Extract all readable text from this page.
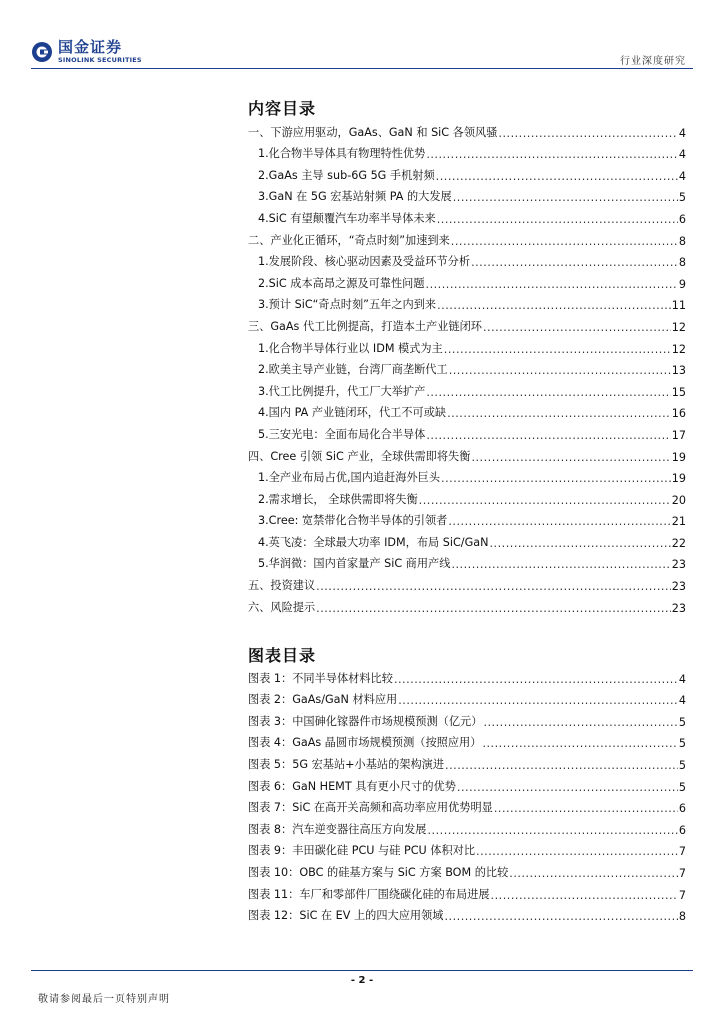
国金证券
SINOLINK SECURITIES	行业深度研究
内容目录
一、下游应用驱动，GaAs、GaN 和 SiC 各领风骚 .....	4
1.化合物半导体具有物理特性优势 .....	4
2.GaAs 主导 sub-6G 5G 手机射频 .....	4
3.GaN 在 5G 宏基站射频 PA 的大发展 .....	5
4.SiC 有望颠覆汽车功率半导体未来 .....	6
二、产业化正循环，“奇点时刻”加速到来 .....	8
1.发展阶段、核心驱动因素及受益环节分析 .....	8
2.SiC 成本高昂之源及可靠性问题 .....	9
3.预计 SiC“奇点时刻”五年之内到来 .....	11
三、GaAs 代工比例提高，打造本土产业链闭环 .....	12
1.化合物半导体行业以 IDM 模式为主 .....	12
2.欧美主导产业链，台湾厂商垄断代工 .....	13
3.代工比例提升，代工厂大举扩产 .....	15
4.国内 PA 产业链闭环，代工不可或缺 .....	16
5.三安光电：全面布局化合半导体 .....	17
四、Cree 引领 SiC 产业，全球供需即将失衡 .....	19
1.全产业布局占优,国内追赶海外巨头 .....	19
2.需求增长， 全球供需即将失衡 .....	20
3.Cree: 宽禁带化合物半导体的引领者 .....	21
4.英飞凌：全球最大功率 IDM，布局 SiC/GaN .....	22
5.华润微：国内首家量产 SiC 商用产线 .....	23
五、投资建议 .....	23
六、风险提示 .....	23
图表目录
图表 1：不同半导体材料比较 .....	4
图表 2：GaAs/GaN 材料应用 .....	4
图表 3：中国砷化镓器件市场规模预测（亿元） .....	5
图表 4：GaAs 晶圆市场规模预测（按照应用） .....	5
图表 5：5G 宏基站+小基站的架构演进 .....	5
图表 6：GaN HEMT 具有更小尺寸的优势 .....	5
图表 7：SiC 在高开关高频和高功率应用优势明显 .....	6
图表 8：汽车逆变器往高压方向发展 .....	6
图表 9：丰田碳化硅 PCU 与硅 PCU 体积对比 .....	7
图表 10：OBC 的硅基方案与 SiC 方案 BOM 的比较 .....	7
图表 11：车厂和零部件厂围绕碳化硅的布局进展 .....	7
图表 12：SiC 在 EV 上的四大应用领域 .....	8
- 2 -
敬请参阅最后一页特别声明
